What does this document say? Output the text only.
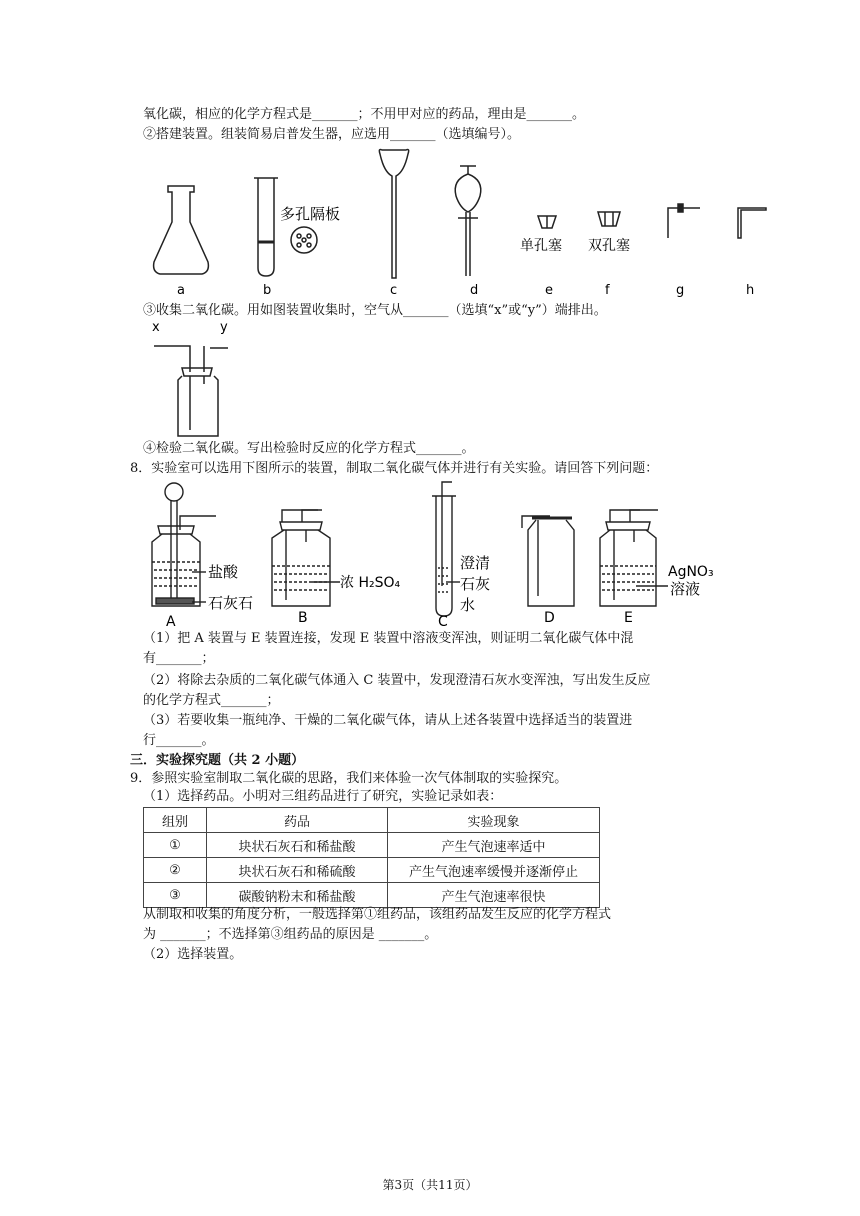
氧化碳，相应的化学方程式是_______；不用甲对应的药品，理由是_______。
②搭建装置。组装简易启普发生器，应选用_______（选填编号）。
多孔隔板
单孔塞 双孔塞
a	b	c	d	e	f	g	h
③收集二氧化碳。用如图装置收集时，空气从_______（选填“x”或“y”）端排出。
x	y
④检验二氧化碳。写出检验时反应的化学方程式_______。
8．实验室可以选用下图所示的装置，制取二氧化碳气体并进行有关实验。请回答下列问题：
盐酸
石灰石
浓 H₂SO₄
澄清
石灰
水
AgNO₃
溶液
A	B	C	D	E
（1）把 A 装置与 E 装置连接，发现 E 装置中溶液变浑浊，则证明二氧化碳气体中混
有_______；
（2）将除去杂质的二氧化碳气体通入 C 装置中，发现澄清石灰水变浑浊，写出发生反应
的化学方程式_______；
（3）若要收集一瓶纯净、干燥的二氧化碳气体，请从上述各装置中选择适当的装置进
行_______。
三．实验探究题（共 2 小题）
9．参照实验室制取二氧化碳的思路，我们来体验一次气体制取的实验探究。
（1）选择药品。小明对三组药品进行了研究，实验记录如表：
组别	药品	实验现象
①	块状石灰石和稀盐酸	产生气泡速率适中
②	块状石灰石和稀硫酸	产生气泡速率缓慢并逐渐停止
③	碳酸钠粉末和稀盐酸	产生气泡速率很快
从制取和收集的角度分析，一般选择第①组药品，该组药品发生反应的化学方程式
为 _______；不选择第③组药品的原因是 _______。
（2）选择装置。
第3页（共11页）
